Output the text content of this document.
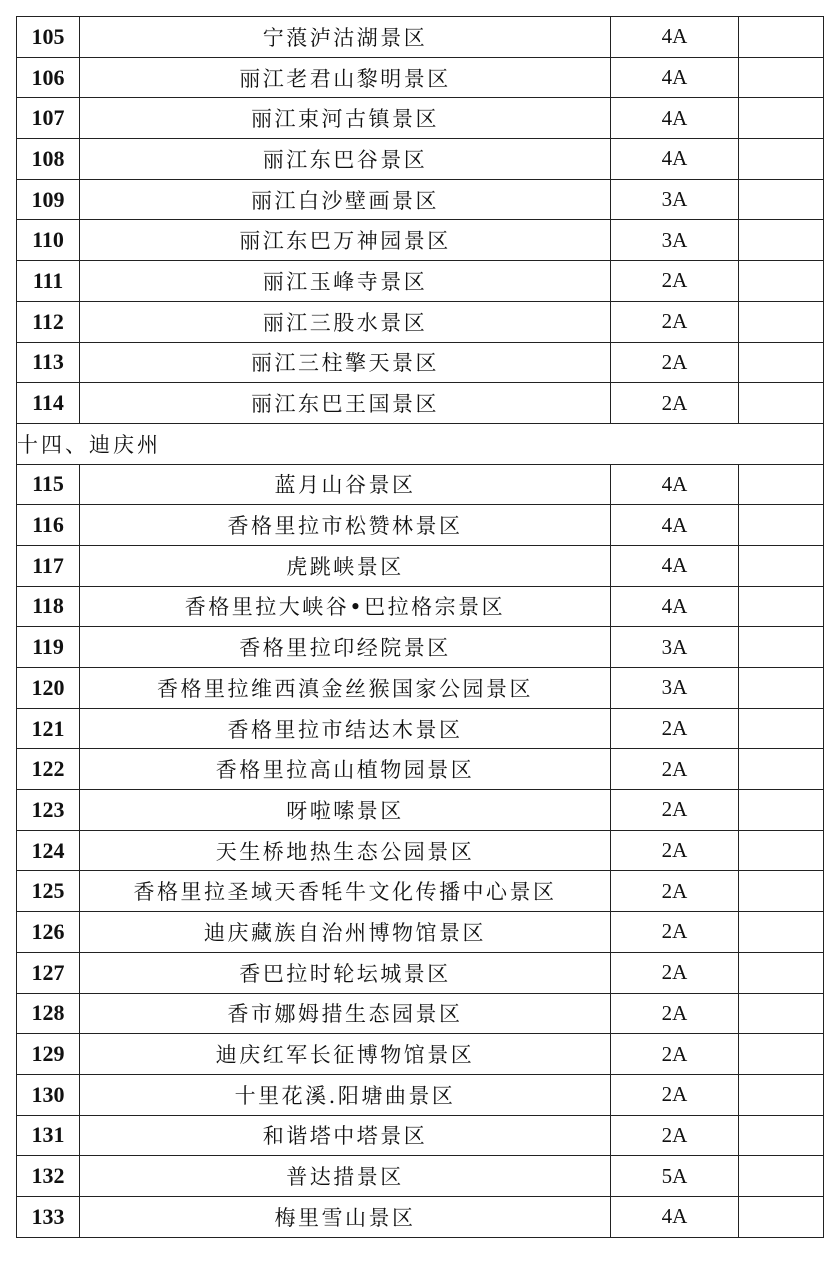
105	宁蒗泸沽湖景区	4A	
106	丽江老君山黎明景区	4A	
107	丽江束河古镇景区	4A	
108	丽江东巴谷景区	4A	
109	丽江白沙壁画景区	3A	
110	丽江东巴万神园景区	3A	
111	丽江玉峰寺景区	2A	
112	丽江三股水景区	2A	
113	丽江三柱擎天景区	2A	
114	丽江东巴王国景区	2A	
十四、迪庆州			
115	蓝月山谷景区	4A	
116	香格里拉市松赞林景区	4A	
117	虎跳峡景区	4A	
118	香格里拉大峡谷•巴拉格宗景区	4A	
119	香格里拉印经院景区	3A	
120	香格里拉维西滇金丝猴国家公园景区	3A	
121	香格里拉市结达木景区	2A	
122	香格里拉高山植物园景区	2A	
123	呀啦嗦景区	2A	
124	天生桥地热生态公园景区	2A	
125	香格里拉圣域天香牦牛文化传播中心景区	2A	
126	迪庆藏族自治州博物馆景区	2A	
127	香巴拉时轮坛城景区	2A	
128	香市娜姆措生态园景区	2A	
129	迪庆红军长征博物馆景区	2A	
130	十里花溪.阳塘曲景区	2A	
131	和谐塔中塔景区	2A	
132	普达措景区	5A	
133	梅里雪山景区	4A	
